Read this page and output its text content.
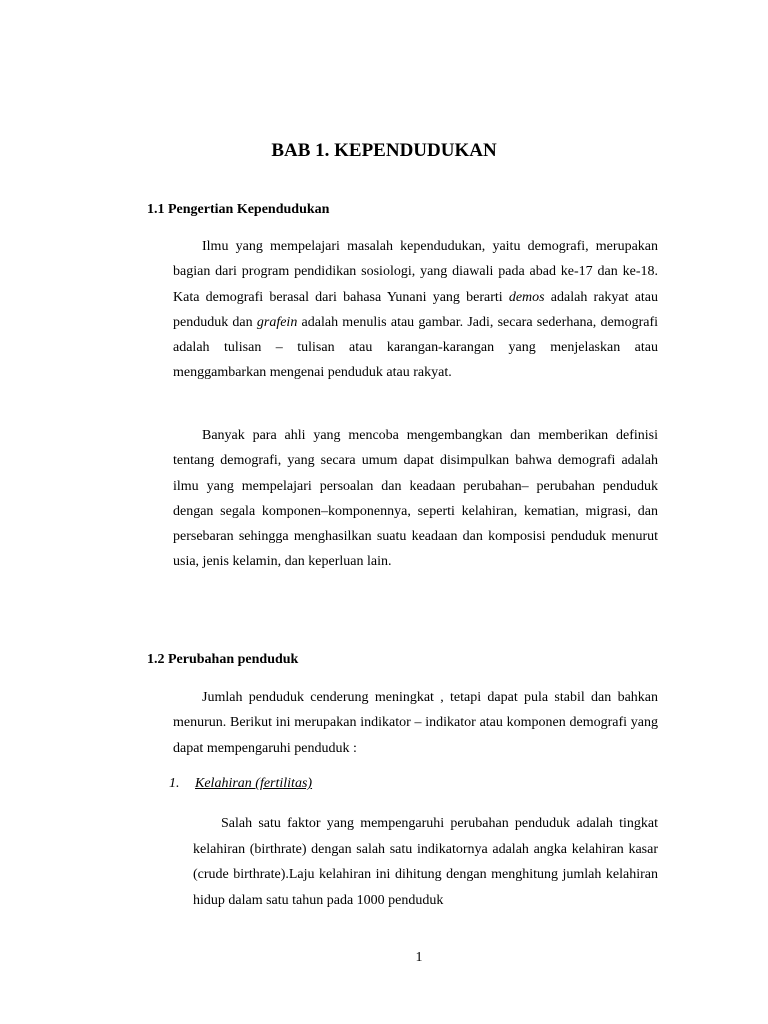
BAB 1. KEPENDUDUKAN
1.1 Pengertian Kependudukan

Ilmu yang mempelajari masalah kependudukan, yaitu demografi, merupakan bagian dari program pendidikan sosiologi, yang diawali pada abad ke-17 dan ke-18. Kata demografi berasal dari bahasa Yunani yang berarti demos adalah rakyat atau penduduk dan grafein adalah menulis atau gambar. Jadi, secara sederhana, demografi adalah tulisan – tulisan atau karangan-karangan yang menjelaskan atau menggambarkan mengenai penduduk atau rakyat.

Banyak para ahli yang mencoba mengembangkan dan memberikan definisi tentang demografi, yang secara umum dapat disimpulkan bahwa demografi adalah ilmu yang mempelajari persoalan dan keadaan perubahan– perubahan penduduk dengan segala komponen–komponennya, seperti kelahiran, kematian, migrasi, dan persebaran sehingga menghasilkan suatu keadaan dan komposisi penduduk menurut usia, jenis kelamin, dan keperluan lain.

1.2 Perubahan penduduk

Jumlah penduduk cenderung meningkat , tetapi dapat pula stabil dan bahkan menurun. Berikut ini merupakan indikator – indikator atau komponen demografi yang dapat mempengaruhi penduduk :

1. Kelahiran (fertilitas)

Salah satu faktor yang mempengaruhi perubahan penduduk adalah tingkat kelahiran (birthrate) dengan salah satu indikatornya adalah angka kelahiran kasar (crude birthrate).Laju kelahiran ini dihitung dengan menghitung jumlah kelahiran hidup dalam satu tahun pada 1000 penduduk

1
